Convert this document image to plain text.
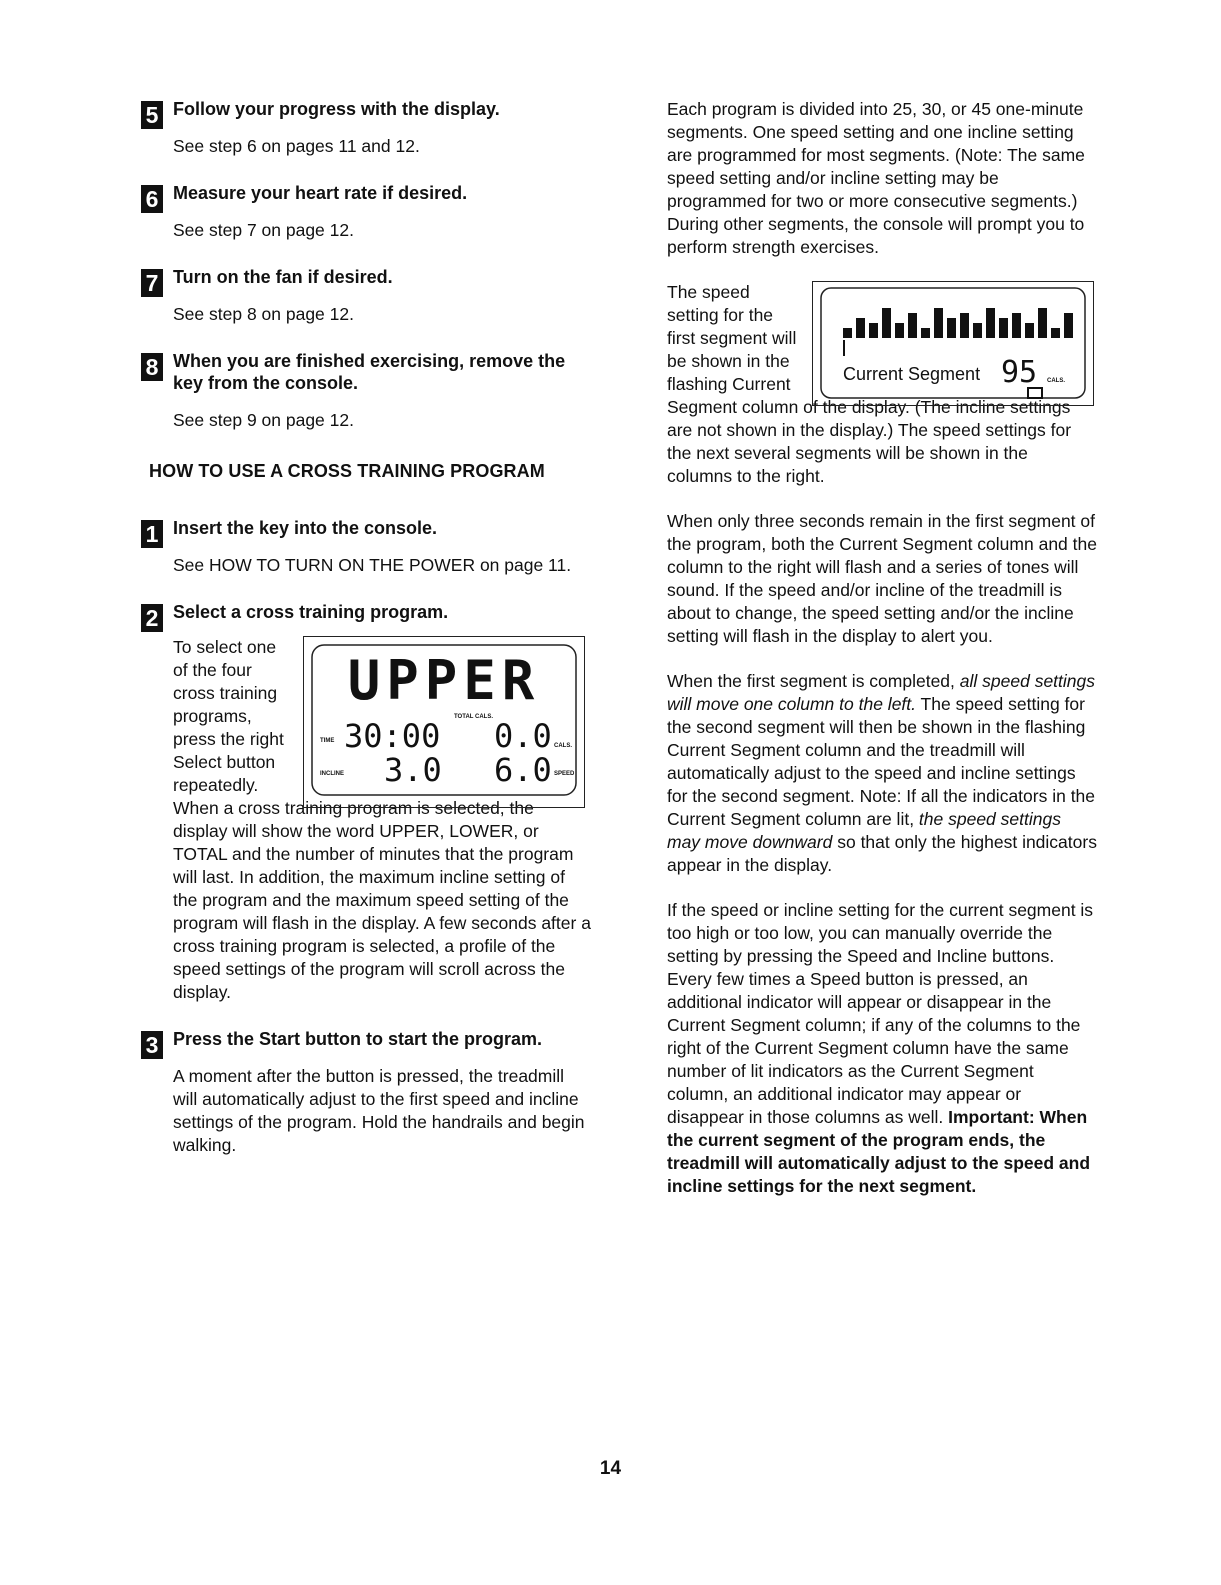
5 Follow your progress with the display.
See step 6 on pages 11 and 12.
6 Measure your heart rate if desired.
See step 7 on page 12.
7 Turn on the fan if desired.
See step 8 on page 12.
8 When you are finished exercising, remove the key from the console.
See step 9 on page 12.
HOW TO USE A CROSS TRAINING PROGRAM
1 Insert the key into the console.
See HOW TO TURN ON THE POWER on page 11.
2 Select a cross training program.
To select one of the four cross training programs, press the right Select button repeatedly.
UPPER
TOTAL CALS.
TIME 30:00 0.0 CALS.
INCLINE 3.0 6.0 SPEED
When a cross training program is selected, the display will show the word UPPER, LOWER, or TOTAL and the number of minutes that the program will last. In addition, the maximum incline setting of the program and the maximum speed setting of the program will flash in the display. A few seconds after a cross training program is selected, a profile of the speed settings of the program will scroll across the display.
3 Press the Start button to start the program.
A moment after the button is pressed, the treadmill will automatically adjust to the first speed and incline settings of the program. Hold the handrails and begin walking.

Each program is divided into 25, 30, or 45 one-minute segments. One speed setting and one incline setting are programmed for most segments. (Note: The same speed setting and/or incline setting may be programmed for two or more consecutive segments.) During other segments, the console will prompt you to perform strength exercises.

The speed setting for the first segment will be shown in the flashing Current	Current Segment 95 CALS.

Segment column of the display. (The incline settings are not shown in the display.) The speed settings for the next several segments will be shown in the columns to the right.

When only three seconds remain in the first segment of the program, both the Current Segment column and the column to the right will flash and a series of tones will sound. If the speed and/or incline of the treadmill is about to change, the speed setting and/or the incline setting will flash in the display to alert you.

When the first segment is completed, all speed settings will move one column to the left. The speed setting for the second segment will then be shown in the flashing Current Segment column and the treadmill will automatically adjust to the speed and incline settings for the second segment. Note: If all the indicators in the Current Segment column are lit, the speed settings may move downward so that only the highest indicators appear in the display.

If the speed or incline setting for the current segment is too high or too low, you can manually override the setting by pressing the Speed and Incline buttons. Every few times a Speed button is pressed, an additional indicator will appear or disappear in the Current Segment column; if any of the columns to the right of the Current Segment column have the same number of lit indicators as the Current Segment column, an additional indicator may appear or disappear in those columns as well. Important: When the current segment of the program ends, the treadmill will automatically adjust to the speed and incline settings for the next segment.

14
